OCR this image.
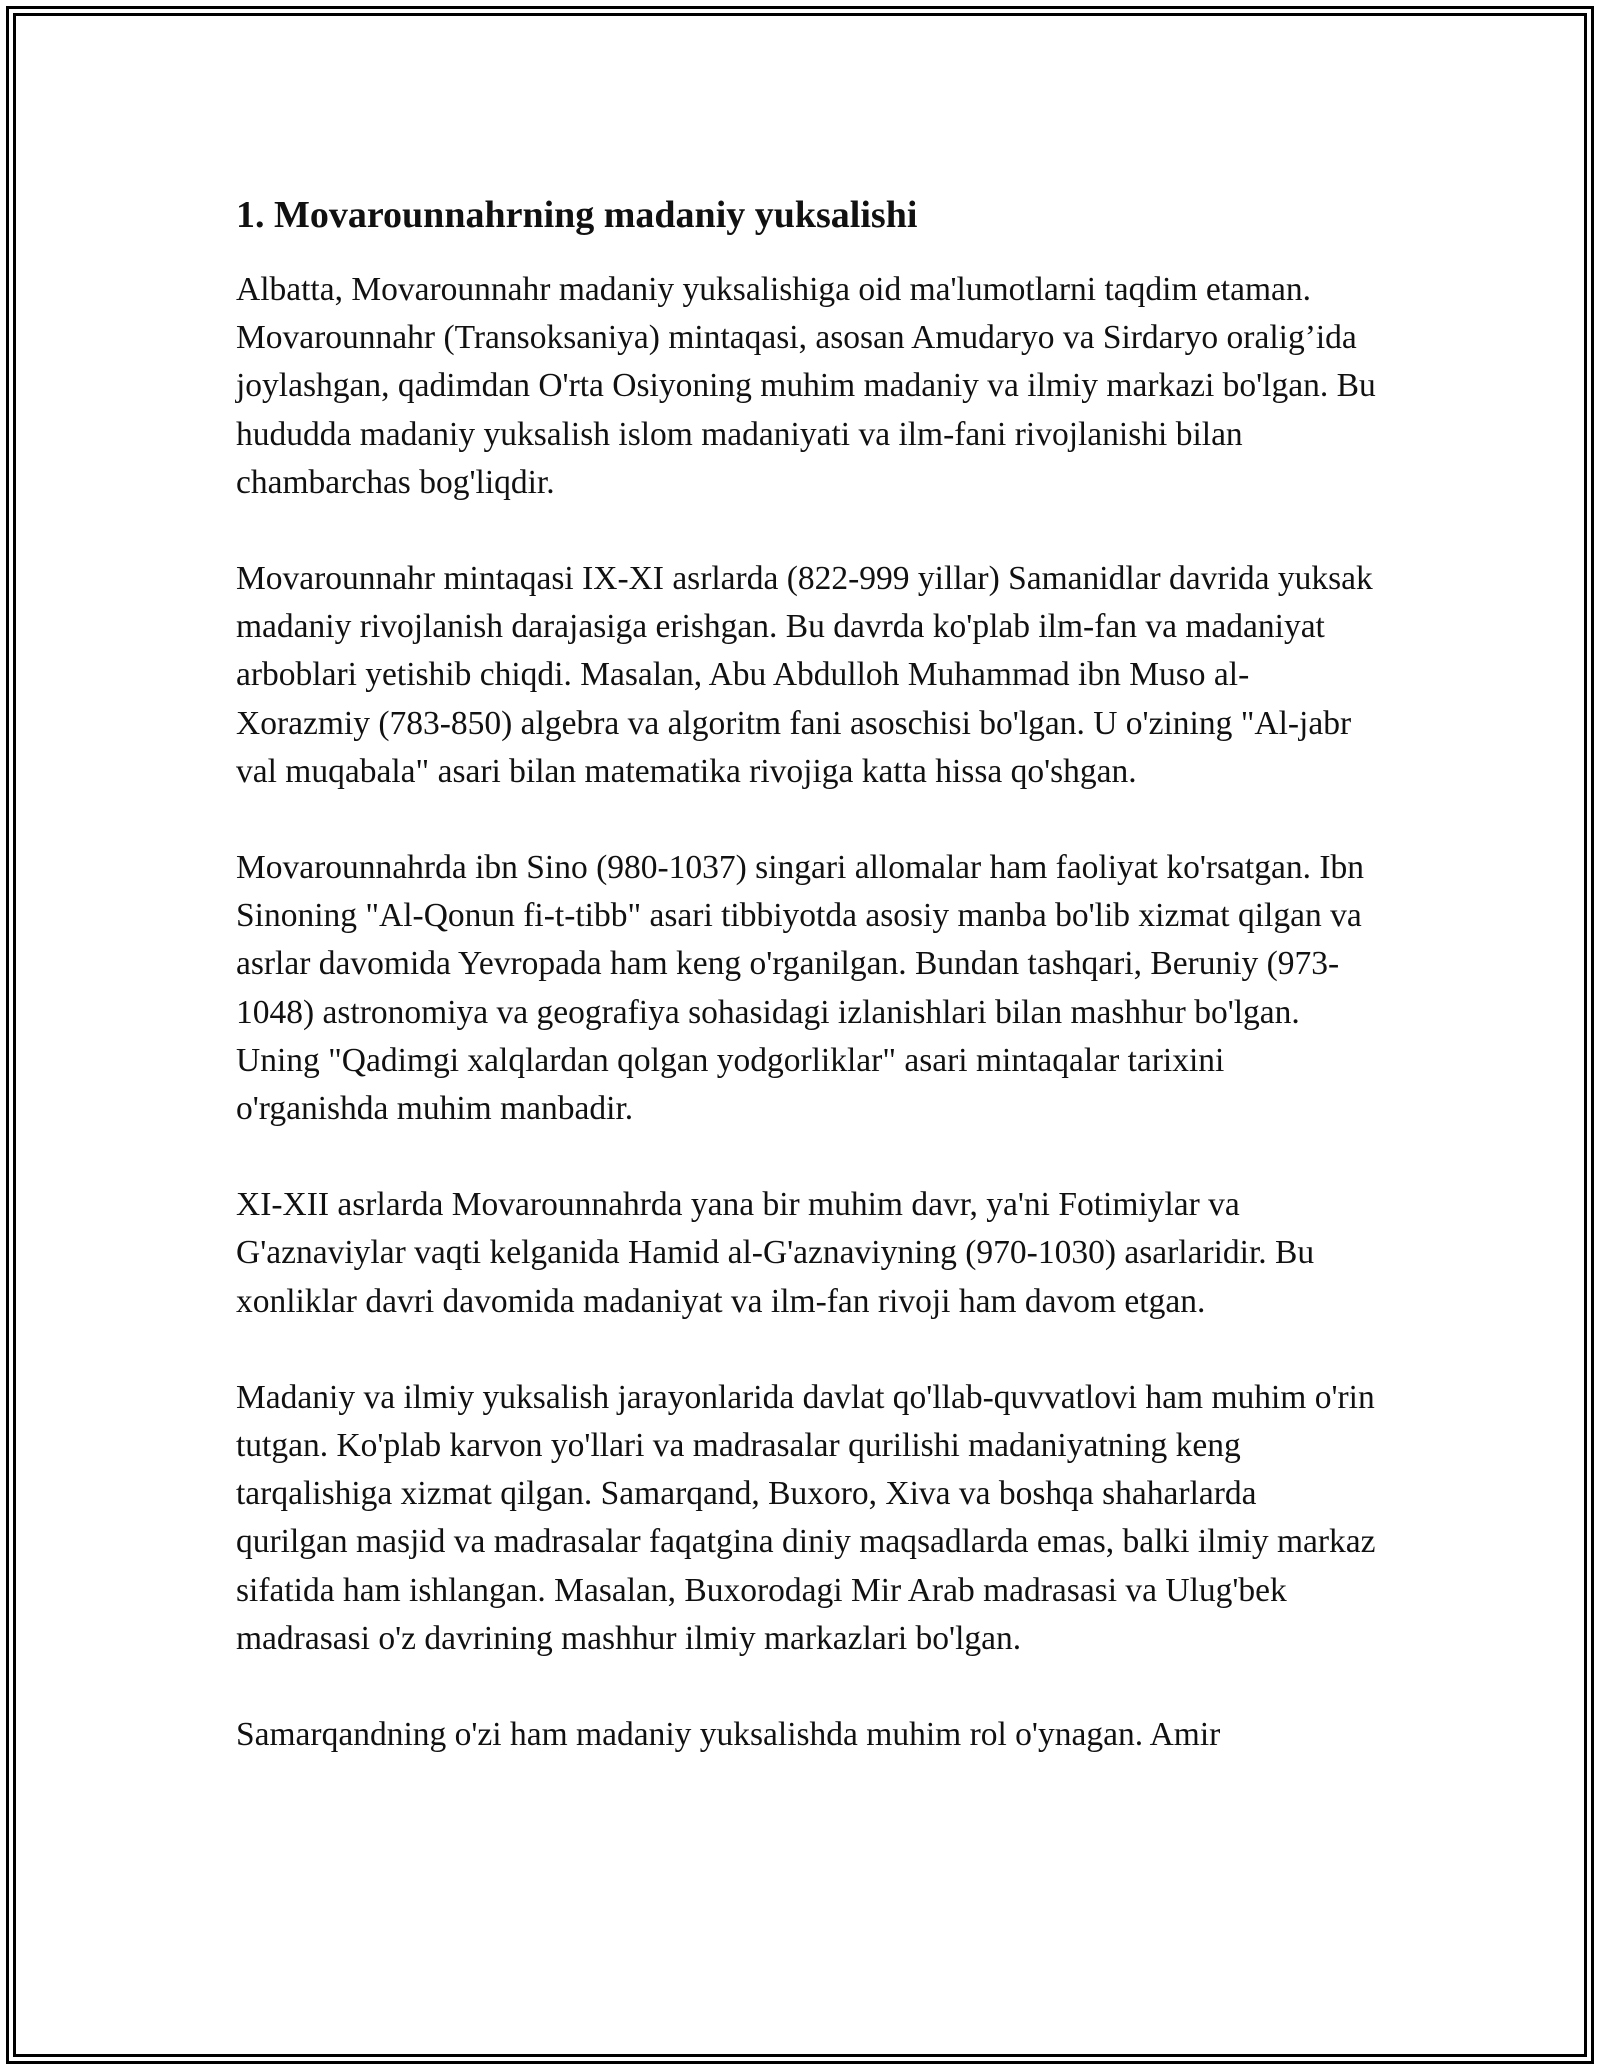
1. Movarounnahrning madaniy yuksalishi

Albatta, Movarounnahr madaniy yuksalishiga oid ma'lumotlarni taqdim etaman. Movarounnahr (Transoksaniya) mintaqasi, asosan Amudaryo va Sirdaryo oralig’ida joylashgan, qadimdan O'rta Osiyoning muhim madaniy va ilmiy markazi bo'lgan. Bu hududda madaniy yuksalish islom madaniyati va ilm-fani rivojlanishi bilan chambarchas bog'liqdir.

Movarounnahr mintaqasi IX-XI asrlarda (822-999 yillar) Samanidlar davrida yuksak madaniy rivojlanish darajasiga erishgan. Bu davrda ko'plab ilm-fan va madaniyat arboblari yetishib chiqdi. Masalan, Abu Abdulloh Muhammad ibn Muso al-Xorazmiy (783-850) algebra va algoritm fani asoschisi bo'lgan. U o'zining "Al-jabr val muqabala" asari bilan matematika rivojiga katta hissa qo'shgan.

Movarounnahrda ibn Sino (980-1037) singari allomalar ham faoliyat ko'rsatgan. Ibn Sinoning "Al-Qonun fi-t-tibb" asari tibbiyotda asosiy manba bo'lib xizmat qilgan va asrlar davomida Yevropada ham keng o'rganilgan. Bundan tashqari, Beruniy (973-1048) astronomiya va geografiya sohasidagi izlanishlari bilan mashhur bo'lgan. Uning "Qadimgi xalqlardan qolgan yodgorliklar" asari mintaqalar tarixini o'rganishda muhim manbadir.

XI-XII asrlarda Movarounnahrda yana bir muhim davr, ya'ni Fotimiylar va G'aznaviylar vaqti kelganida Hamid al-G'aznaviyning (970-1030) asarlaridir. Bu xonliklar davri davomida madaniyat va ilm-fan rivoji ham davom etgan.

Madaniy va ilmiy yuksalish jarayonlarida davlat qo'llab-quvvatlovi ham muhim o'rin tutgan. Ko'plab karvon yo'llari va madrasalar qurilishi madaniyatning keng tarqalishiga xizmat qilgan. Samarqand, Buxoro, Xiva va boshqa shaharlarda qurilgan masjid va madrasalar faqatgina diniy maqsadlarda emas, balki ilmiy markaz sifatida ham ishlangan. Masalan, Buxorodagi Mir Arab madrasasi va Ulug'bek madrasasi o'z davrining mashhur ilmiy markazlari bo'lgan.

Samarqandning o'zi ham madaniy yuksalishda muhim rol o'ynagan. Amir
